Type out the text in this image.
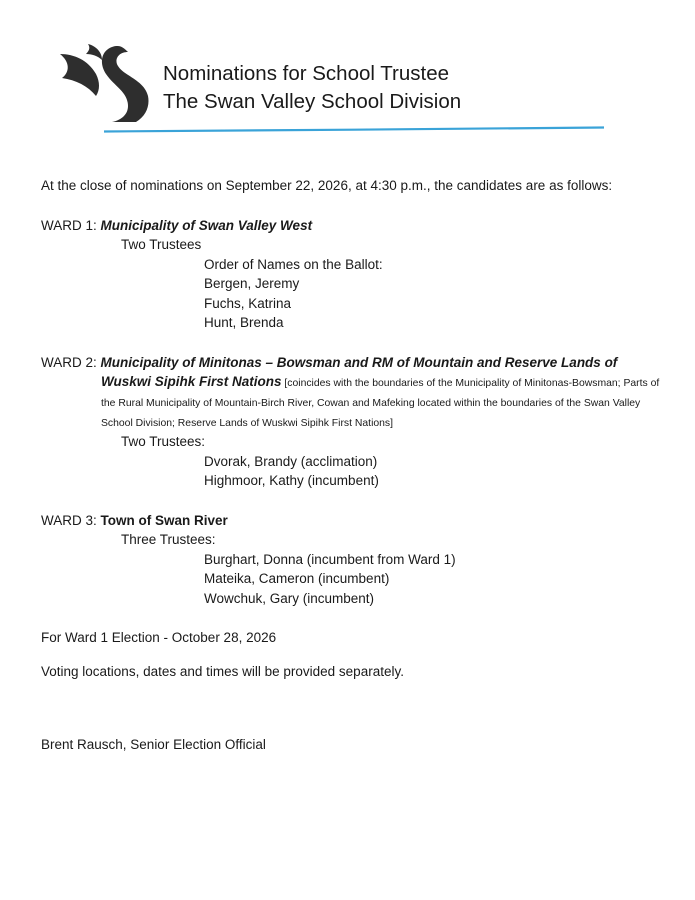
Nominations for School Trustee
The Swan Valley School Division

At the close of nominations on September 22, 2026, at 4:30 p.m., the candidates are as follows:

WARD 1: Municipality of Swan Valley West

Two Trustees

Order of Names on the Ballot:

Bergen, Jeremy

Fuchs, Katrina

Hunt, Brenda

WARD 2: Municipality of Minitonas – Bowsman and RM of Mountain and Reserve Lands of Wuskwi Sipihk First Nations [coincides with the boundaries of the Municipality of Minitonas-Bowsman; Parts of the Rural Municipality of Mountain-Birch River, Cowan and Mafeking located within the boundaries of the Swan Valley School Division; Reserve Lands of Wuskwi Sipihk First Nations]

Two Trustees:

Dvorak, Brandy (acclimation)

Highmoor, Kathy (incumbent)

WARD 3: Town of Swan River

Three Trustees:

Burghart, Donna (incumbent from Ward 1)

Mateika, Cameron (incumbent)

Wowchuk, Gary (incumbent)

For Ward 1 Election - October 28, 2026

Voting locations, dates and times will be provided separately.

Brent Rausch, Senior Election Official
